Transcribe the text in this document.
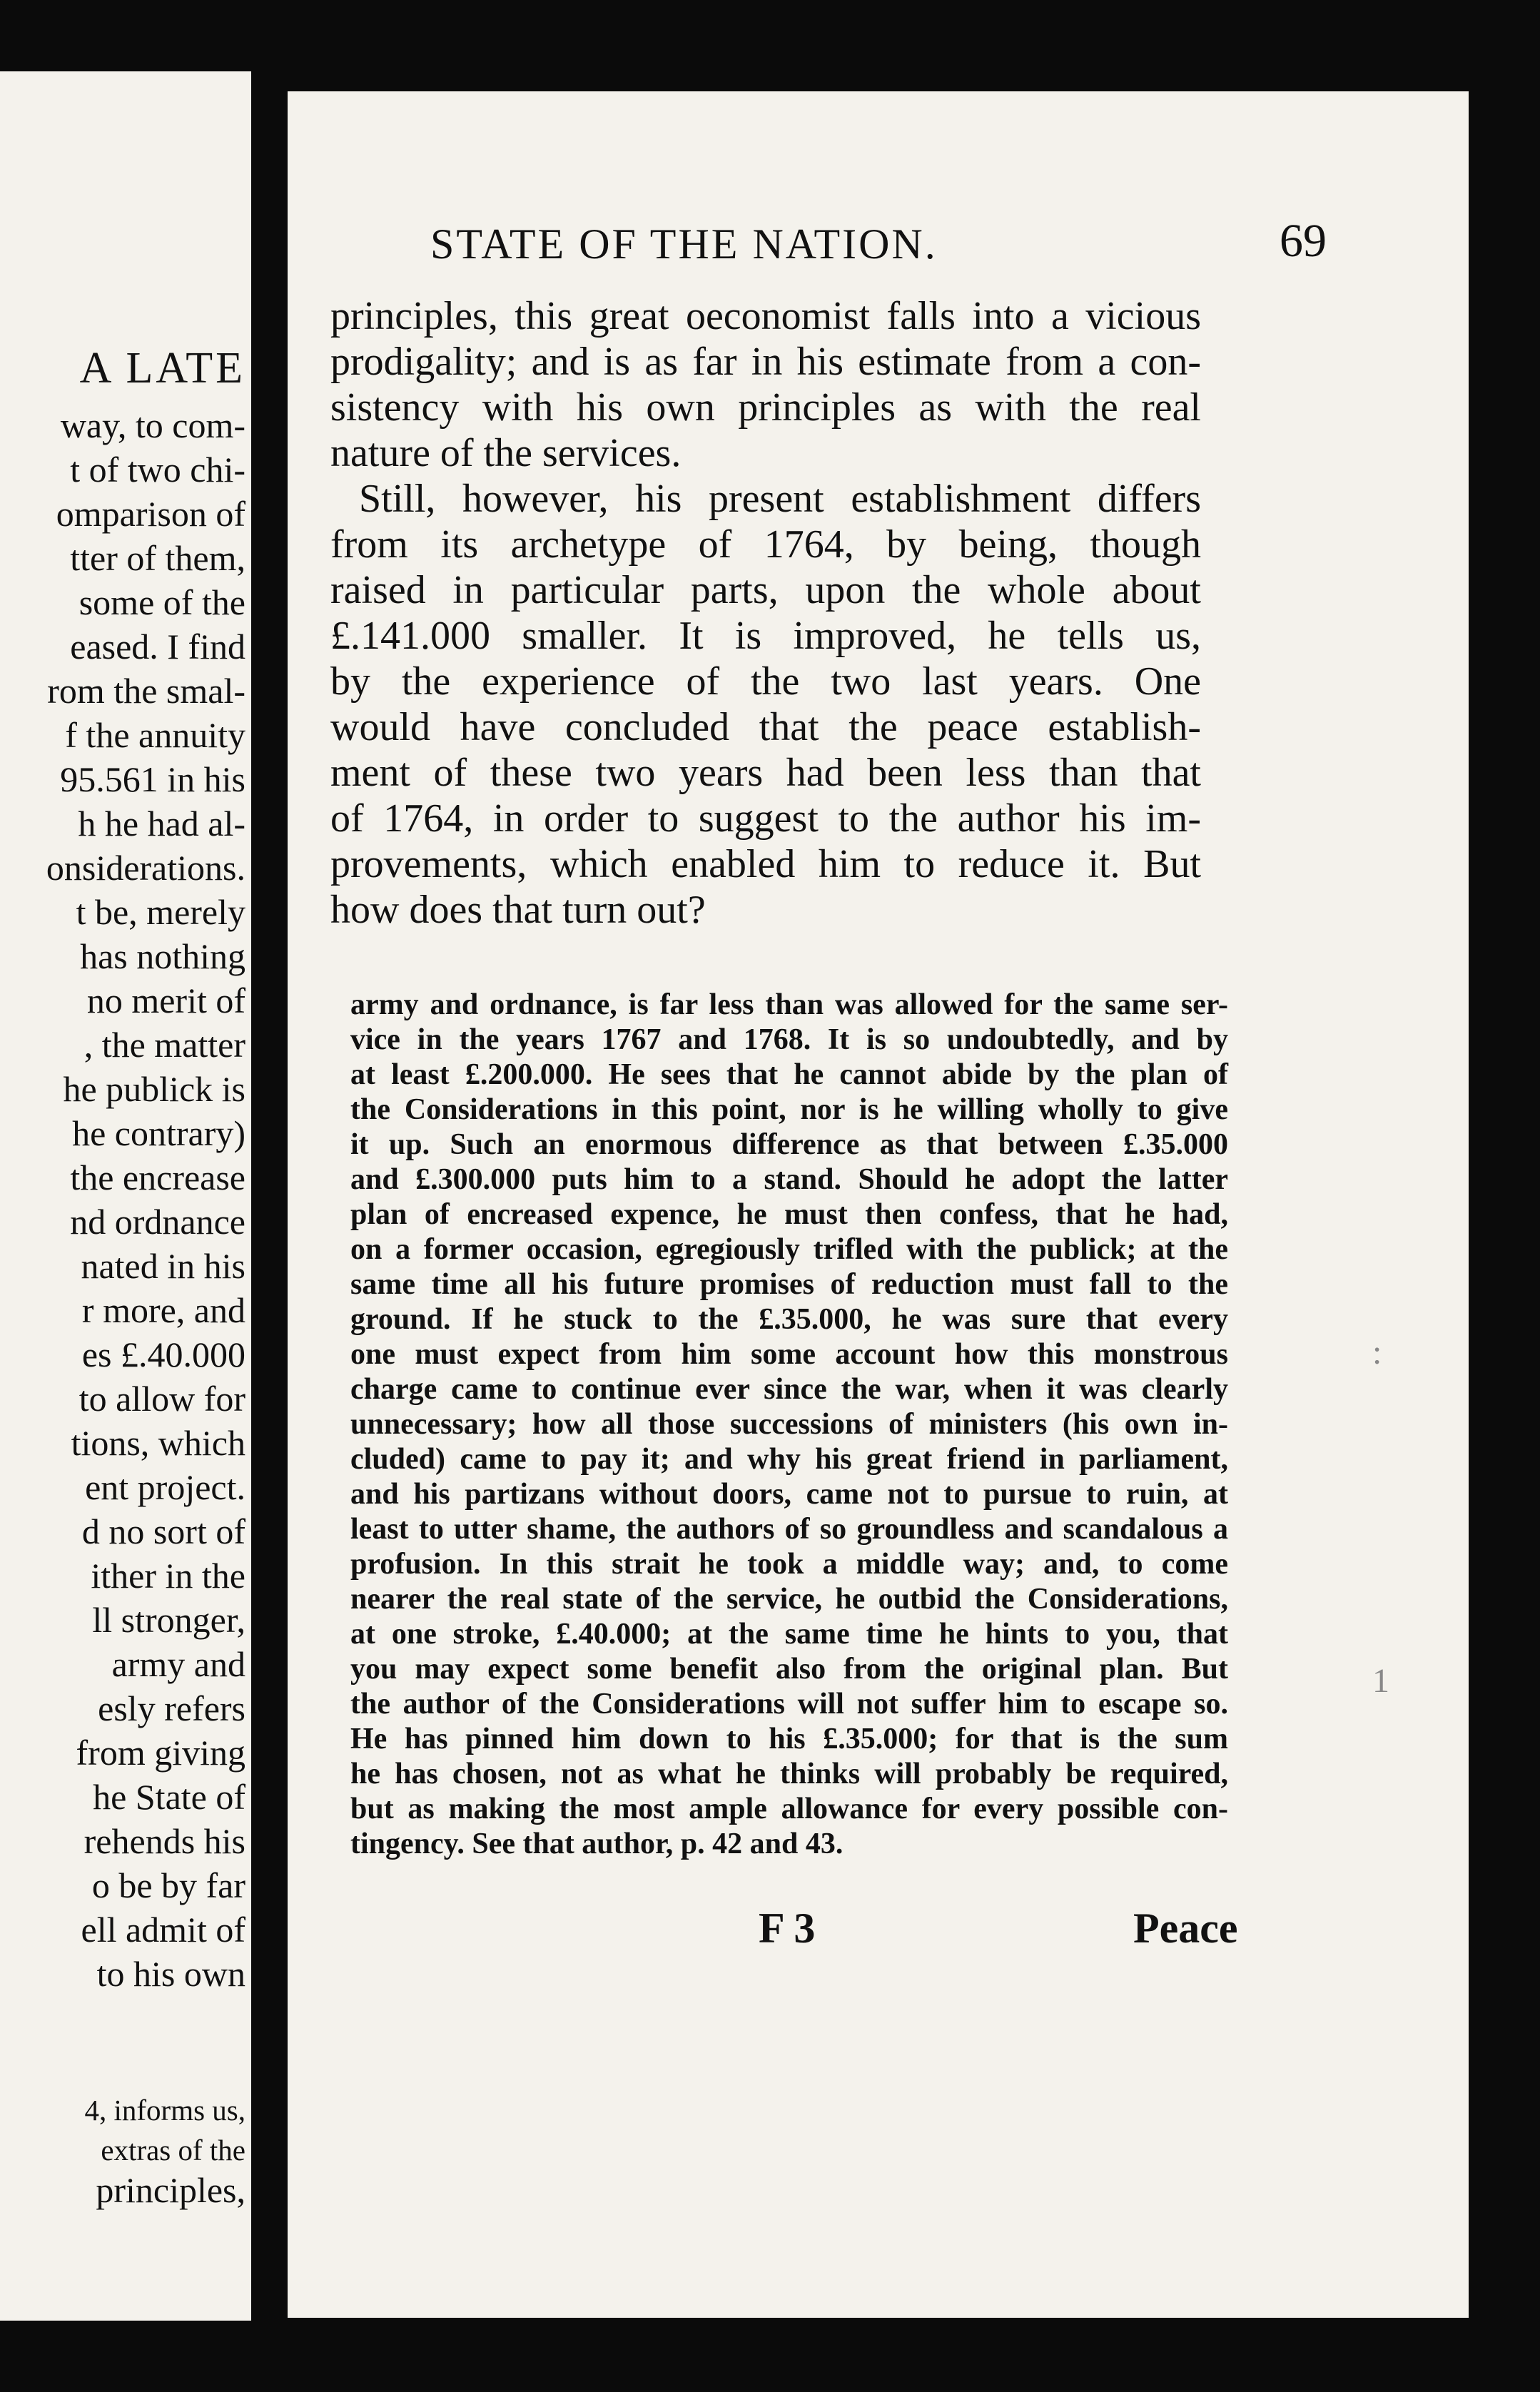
A LATE

way, to com-

t of two chi-

omparison of

tter of them,

some of the

eased. I find

rom the smal-

f the annuity

95.561 in his

h he had al-

onsiderations.

t be, merely

has nothing

no merit of

, the matter

he publick is

he contrary)

the encrease

nd ordnance

nated in his

r more, and

es £.40.000

to allow for

tions, which

ent project.

d no sort of

ither in the

ll stronger,

army and

esly refers

from giving

he State of

rehends his

o be by far

ell admit of

to his own

4, informs us,

extras of the

principles,

STATE OF THE NATION.	69

F 3	Peace

:

1

principles, this great oeconomist falls into a vicious

prodigality; and is as far in his estimate from a con-

sistency with his own principles as with the real

nature of the services.

Still, however, his present establishment differs

from its archetype of 1764, by being, though

raised in particular parts, upon the whole about

£.141.000 smaller. It is improved, he tells us,

by the experience of the two last years. One

would have concluded that the peace establish-

ment of these two years had been less than that

of 1764, in order to suggest to the author his im-

provements, which enabled him to reduce it. But

how does that turn out?

army and ordnance, is far less than was allowed for the same ser-

vice in the years 1767 and 1768. It is so undoubtedly, and by

at least £.200.000. He sees that he cannot abide by the plan of

the Considerations in this point, nor is he willing wholly to give

it up. Such an enormous difference as that between £.35.000

and £.300.000 puts him to a stand. Should he adopt the latter

plan of encreased expence, he must then confess, that he had,

on a former occasion, egregiously trifled with the publick; at the

same time all his future promises of reduction must fall to the

ground. If he stuck to the £.35.000, he was sure that every

one must expect from him some account how this monstrous

charge came to continue ever since the war, when it was clearly

unnecessary; how all those successions of ministers (his own in-

cluded) came to pay it; and why his great friend in parliament,

and his partizans without doors, came not to pursue to ruin, at

least to utter shame, the authors of so groundless and scandalous a

profusion. In this strait he took a middle way; and, to come

nearer the real state of the service, he outbid the Considerations,

at one stroke, £.40.000; at the same time he hints to you, that

you may expect some benefit also from the original plan. But

the author of the Considerations will not suffer him to escape so.

He has pinned him down to his £.35.000; for that is the sum

he has chosen, not as what he thinks will probably be required,

but as making the most ample allowance for every possible con-

tingency. See that author, p. 42 and 43.
